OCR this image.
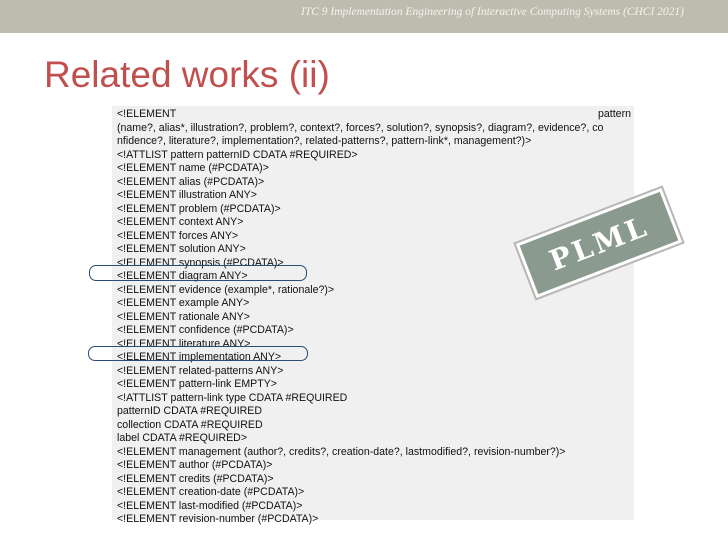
ITC 9 Implementation Engineering of Interactive Computing Systems (CHCI 2021)
Related works (ii)
<!ELEMENT	pattern
(name?, alias*, illustration?, problem?, context?, forces?, solution?, synopsis?, diagram?, evidence?, co
nfidence?, literature?, implementation?, related-patterns?, pattern-link*, management?)>
<!ATTLIST pattern patternID CDATA #REQUIRED>
<!ELEMENT name (#PCDATA)>
<!ELEMENT alias (#PCDATA)>
<!ELEMENT illustration ANY>
<!ELEMENT problem (#PCDATA)>
<!ELEMENT context ANY>
<!ELEMENT forces ANY>
<!ELEMENT solution ANY>
<!ELEMENT synopsis (#PCDATA)>
<!ELEMENT diagram ANY>
<!ELEMENT evidence (example*, rationale?)>
<!ELEMENT example ANY>
<!ELEMENT rationale ANY>
<!ELEMENT confidence (#PCDATA)>
<!ELEMENT literature ANY>
<!ELEMENT implementation ANY>
<!ELEMENT related-patterns ANY>
<!ELEMENT pattern-link EMPTY>
<!ATTLIST pattern-link type CDATA #REQUIRED
patternID CDATA #REQUIRED
collection CDATA #REQUIRED
label CDATA #REQUIRED>
<!ELEMENT management (author?, credits?, creation-date?, lastmodified?, revision-number?)>
<!ELEMENT author (#PCDATA)>
<!ELEMENT credits (#PCDATA)>
<!ELEMENT creation-date (#PCDATA)>
<!ELEMENT last-modified (#PCDATA)>
<!ELEMENT revision-number (#PCDATA)>
PLML
